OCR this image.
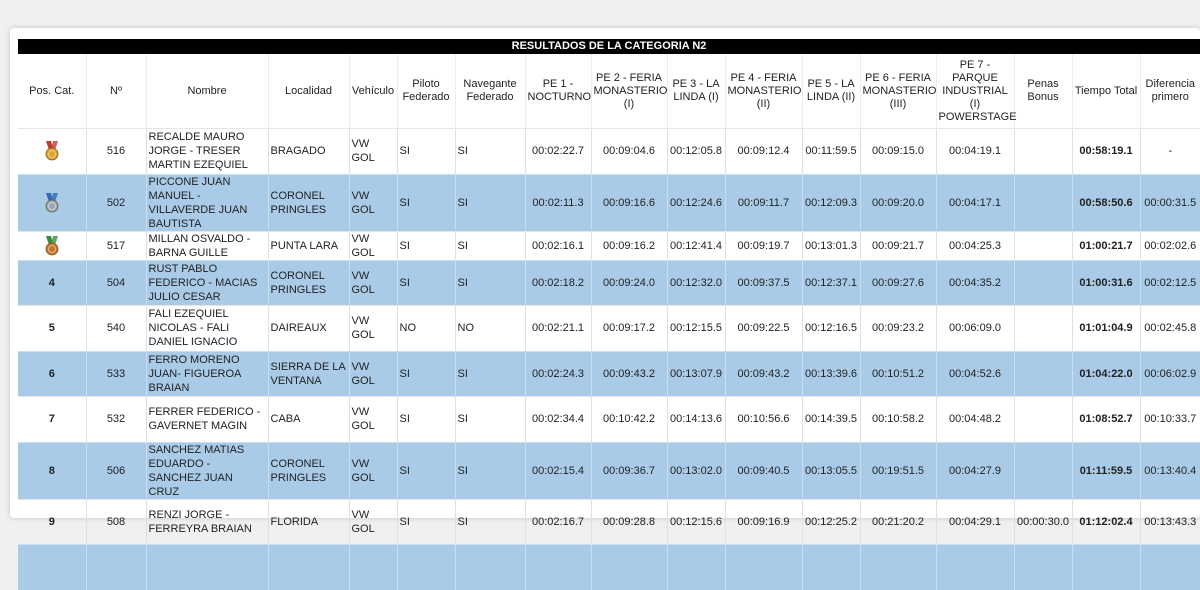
RESULTADOS DE LA CATEGORIA N2																
Pos. Cat.	Nº	Nombre	Localidad	Vehículo	Piloto Federado	Navegante Federado	PE 1 - NOCTURNO	PE 2 - FERIA MONASTERIO (I)	PE 3 - LA LINDA (I)	PE 4 - FERIA MONASTERIO (II)	PE 5 - LA LINDA (II)	PE 6 - FERIA MONASTERIO (III)	PE 7 - PARQUE INDUSTRIAL (I) POWERSTAGE	Penas Bonus	Tiempo Total	Diferencia primero
	516	RECALDE MAURO JORGE - TRESER MARTIN EZEQUIEL	BRAGADO	VW GOL	SI	SI	00:02:22.7	00:09:04.6	00:12:05.8	00:09:12.4	00:11:59.5	00:09:15.0	00:04:19.1		00:58:19.1	-
	502	PICCONE JUAN MANUEL - VILLAVERDE JUAN BAUTISTA	CORONEL PRINGLES	VW GOL	SI	SI	00:02:11.3	00:09:16.6	00:12:24.6	00:09:11.7	00:12:09.3	00:09:20.0	00:04:17.1		00:58:50.6	00:00:31.5
	517	MILLAN OSVALDO - BARNA GUILLE	PUNTA LARA	VW GOL	SI	SI	00:02:16.1	00:09:16.2	00:12:41.4	00:09:19.7	00:13:01.3	00:09:21.7	00:04:25.3		01:00:21.7	00:02:02.6
4	504	RUST PABLO FEDERICO - MACIAS JULIO CESAR	CORONEL PRINGLES	VW GOL	SI	SI	00:02:18.2	00:09:24.0	00:12:32.0	00:09:37.5	00:12:37.1	00:09:27.6	00:04:35.2		01:00:31.6	00:02:12.5
5	540	FALI EZEQUIEL NICOLAS - FALI DANIEL IGNACIO	DAIREAUX	VW GOL	NO	NO	00:02:21.1	00:09:17.2	00:12:15.5	00:09:22.5	00:12:16.5	00:09:23.2	00:06:09.0		01:01:04.9	00:02:45.8
6	533	FERRO MORENO JUAN- FIGUEROA BRAIAN	SIERRA DE LA VENTANA	VW GOL	SI	SI	00:02:24.3	00:09:43.2	00:13:07.9	00:09:43.2	00:13:39.6	00:10:51.2	00:04:52.6		01:04:22.0	00:06:02.9
7	532	FERRER FEDERICO - GAVERNET MAGIN	CABA	VW GOL	SI	SI	00:02:34.4	00:10:42.2	00:14:13.6	00:10:56.6	00:14:39.5	00:10:58.2	00:04:48.2		01:08:52.7	00:10:33.7
8	506	SANCHEZ MATIAS EDUARDO - SANCHEZ JUAN CRUZ	CORONEL PRINGLES	VW GOL	SI	SI	00:02:15.4	00:09:36.7	00:13:02.0	00:09:40.5	00:13:05.5	00:19:51.5	00:04:27.9		01:11:59.5	00:13:40.4
9	508	RENZI JORGE - FERREYRA BRAIAN	FLORIDA	VW GOL	SI	SI	00:02:16.7	00:09:28.8	00:12:15.6	00:09:16.9	00:12:25.2	00:21:20.2	00:04:29.1	00:00:30.0	01:12:02.4	00:13:43.3
